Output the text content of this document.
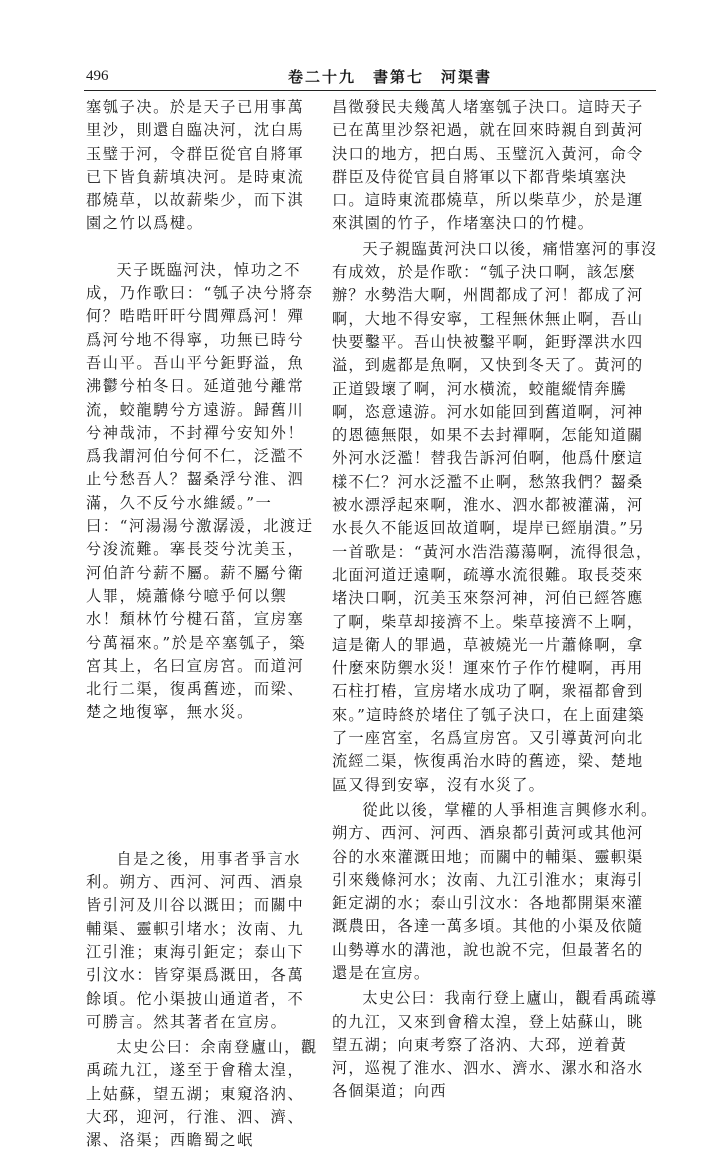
496	卷二十九　書第七　河渠書

塞瓠子决。於是天子已用事萬里沙，則還自臨决河，沈白馬玉璧于河，令群臣從官自將軍已下皆負薪填决河。是時東流郡燒草，以故薪柴少，而下淇園之竹以爲楗。

天子既臨河決，悼功之不成，乃作歌曰：“瓠子决兮將奈何？晧晧旰旰兮閭殫爲河！殫爲河兮地不得寧，功無已時兮吾山平。吾山平兮鉅野溢，魚沸鬱兮柏冬日。延道弛兮離常流，蛟龍騁兮方遠游。歸舊川兮神哉沛，不封禪兮安知外！爲我謂河伯兮何不仁，泛濫不止兮愁吾人？齧桑浮兮淮、泗滿，久不反兮水維緩。”一曰：“河湯湯兮激潺湲，北渡迂兮浚流難。搴長茭兮沈美玉，河伯許兮薪不屬。薪不屬兮衛人罪，燒蕭條兮噫乎何以禦水！頽林竹兮楗石菑，宣房塞兮萬福來。”於是卒塞瓠子，築宮其上，名曰宣房宮。而道河北行二渠，復禹舊迹，而梁、楚之地復寧，無水災。

自是之後，用事者爭言水利。朔方、西河、河西、酒泉皆引河及川谷以溉田；而關中輔渠、靈軹引堵水；汝南、九江引淮；東海引鉅定；泰山下引汶水：皆穿渠爲溉田，各萬餘頃。佗小渠披山通道者，不可勝言。然其著者在宣房。

太史公曰：余南登廬山，觀禹疏九江，遂至于會稽太湟，上姑蘇，望五湖；東窺洛汭、大邳，迎河，行淮、泗、濟、漯、洛渠；西瞻蜀之岷

昌徵發民夫幾萬人堵塞瓠子決口。這時天子已在萬里沙祭祀過，就在回來時親自到黃河決口的地方，把白馬、玉璧沉入黃河，命令群臣及侍從官員自將軍以下都背柴填塞決口。這時東流郡燒草，所以柴草少，於是運來淇園的竹子，作堵塞決口的竹楗。

天子親臨黃河決口以後，痛惜塞河的事沒有成效，於是作歌：“瓠子決口啊，該怎麼辦？水勢浩大啊，州閭都成了河！都成了河啊，大地不得安寧，工程無休無止啊，吾山快要鑿平。吾山快被鑿平啊，鉅野澤洪水四溢，到處都是魚啊，又快到冬天了。黃河的正道毀壞了啊，河水橫流，蛟龍縱情奔騰啊，恣意遠游。河水如能回到舊道啊，河神的恩德無限，如果不去封禪啊，怎能知道關外河水泛濫！替我告訴河伯啊，他爲什麼這樣不仁？河水泛濫不止啊，愁煞我們？齧桑被水漂浮起來啊，淮水、泗水都被灌滿，河水長久不能返回故道啊，堤岸已經崩潰。”另一首歌是：“黃河水浩浩蕩蕩啊，流得很急，北面河道迂遠啊，疏導水流很難。取長茭來堵決口啊，沉美玉來祭河神，河伯已經答應了啊，柴草却接濟不上。柴草接濟不上啊，這是衛人的罪過，草被燒光一片蕭條啊，拿什麼來防禦水災！運來竹子作竹楗啊，再用石柱打樁，宣房堵水成功了啊，衆福都會到來。”這時終於堵住了瓠子決口，在上面建築了一座宮室，名爲宣房宮。又引導黃河向北流經二渠，恢復禹治水時的舊迹，梁、楚地區又得到安寧，沒有水災了。

從此以後，掌權的人爭相進言興修水利。朔方、西河、河西、酒泉都引黃河或其他河谷的水來灌溉田地；而關中的輔渠、靈軹渠引來幾條河水；汝南、九江引淮水；東海引鉅定湖的水；泰山引汶水：各地都開渠來灌溉農田，各達一萬多頃。其他的小渠及依隨山勢導水的溝池，說也說不完，但最著名的還是在宣房。

太史公曰：我南行登上廬山，觀看禹疏導的九江，又來到會稽太湟，登上姑蘇山，眺望五湖；向東考察了洛汭、大邳，逆着黃河，巡視了淮水、泗水、濟水、漯水和洛水各個渠道；向西
